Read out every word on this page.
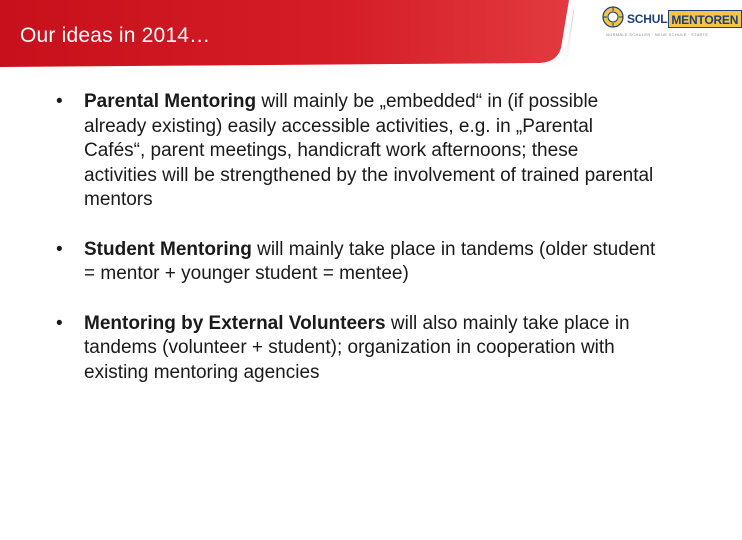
Our ideas in 2014…
SCHUL MENTOREN
NORMALE SCHULEN · NEUE SCHULE · STARTE
•	Parental Mentoring will mainly be „embedded“ in (if possible already existing) easily accessible activities, e.g. in „Parental Cafés“, parent meetings, handicraft work afternoons; these activities will be strengthened by the involvement of trained parental mentors
•	Student Mentoring will mainly take place in tandems (older student = mentor + younger student = mentee)
•	Mentoring by External Volunteers will also mainly take place in tandems (volunteer + student); organization in cooperation with existing mentoring agencies
